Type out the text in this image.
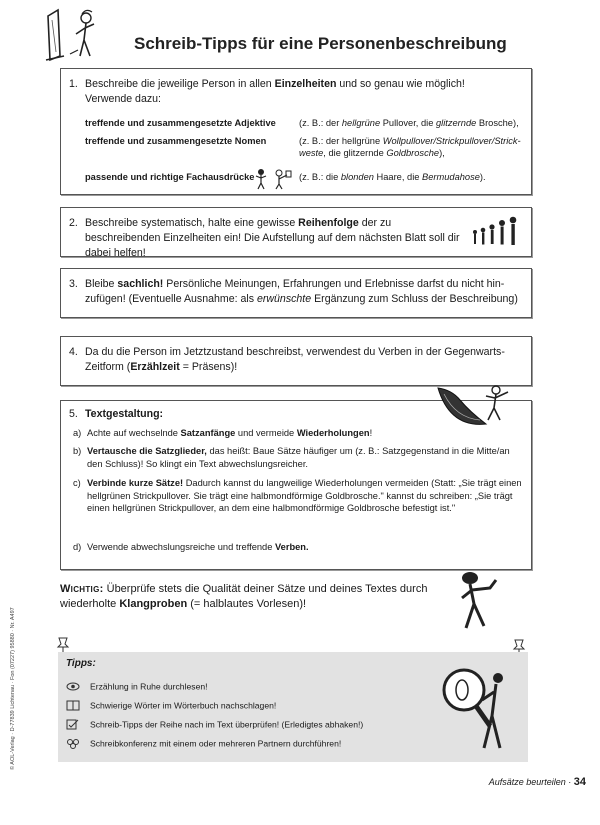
Schreib-Tipps für eine Personenbeschreibung
1. Beschreibe die jeweilige Person in allen Einzelheiten und so genau wie möglich!
Verwende dazu:
treffende und zusammengesetzte Adjektive (z. B.: der hellgrüne Pullover, die glitzernde Brosche),
treffende und zusammengesetzte Nomen	(z. B.: der hellgrüne Wollpullover/Strickpullover/Strick-weste, die glitzernde Goldbrosche),
passende und richtige Fachausdrücke	(z. B.: die blonden Haare, die Bermudahose).
2. Beschreibe systematisch, halte eine gewisse Reihenfolge der zu beschreibenden Einzelheiten ein! Die Aufstellung auf dem nächsten Blatt soll dir dabei helfen!
3. Bleibe sachlich! Persönliche Meinungen, Erfahrungen und Erlebnisse darfst du nicht hin-zufügen! (Eventuelle Ausnahme: als erwünschte Ergänzung zum Schluss der Beschreibung)
4. Da du die Person im Jetztzustand beschreibst, verwendest du Verben in der Gegenwarts-Zeitform (Erzählzeit = Präsens)!
5. Textgestaltung:
a) Achte auf wechselnde Satzanfänge und vermeide Wiederholungen!
b) Vertausche die Satzglieder, das heißt: Baue Sätze häufiger um (z. B.: Satzgegenstand in die Mitte/an den Schluss)! So klingt ein Text abwechslungsreicher.
c) Verbinde kurze Sätze! Dadurch kannst du langweilige Wiederholungen vermeiden (Statt: „Sie trägt einen hellgrünen Strickpullover. Sie trägt eine halbmondförmige Goldbrosche." kannst du schreiben: „Sie trägt einen hellgrünen Strickpullover, an dem eine halbmondförmige Goldbrosche befestigt ist."
d) Verwende abwechslungsreiche und treffende Verben.
Wichtig: Überprüfe stets die Qualität deiner Sätze und deines Textes durch wiederholte Klangproben (= halblautes Vorlesen)!
Tipps:
Erzählung in Ruhe durchlesen!
Schwierige Wörter im Wörterbuch nachschlagen!
Schreib-Tipps der Reihe nach im Text überprüfen! (Erledigtes abhaken!)
Schreibkonferenz mit einem oder mehreren Partnern durchführen!
Aufsätze beurteilen · 34
© AOL-Verlag · D-77839 Lichtenau · Fon (07227) 95880 · Nr. A497
